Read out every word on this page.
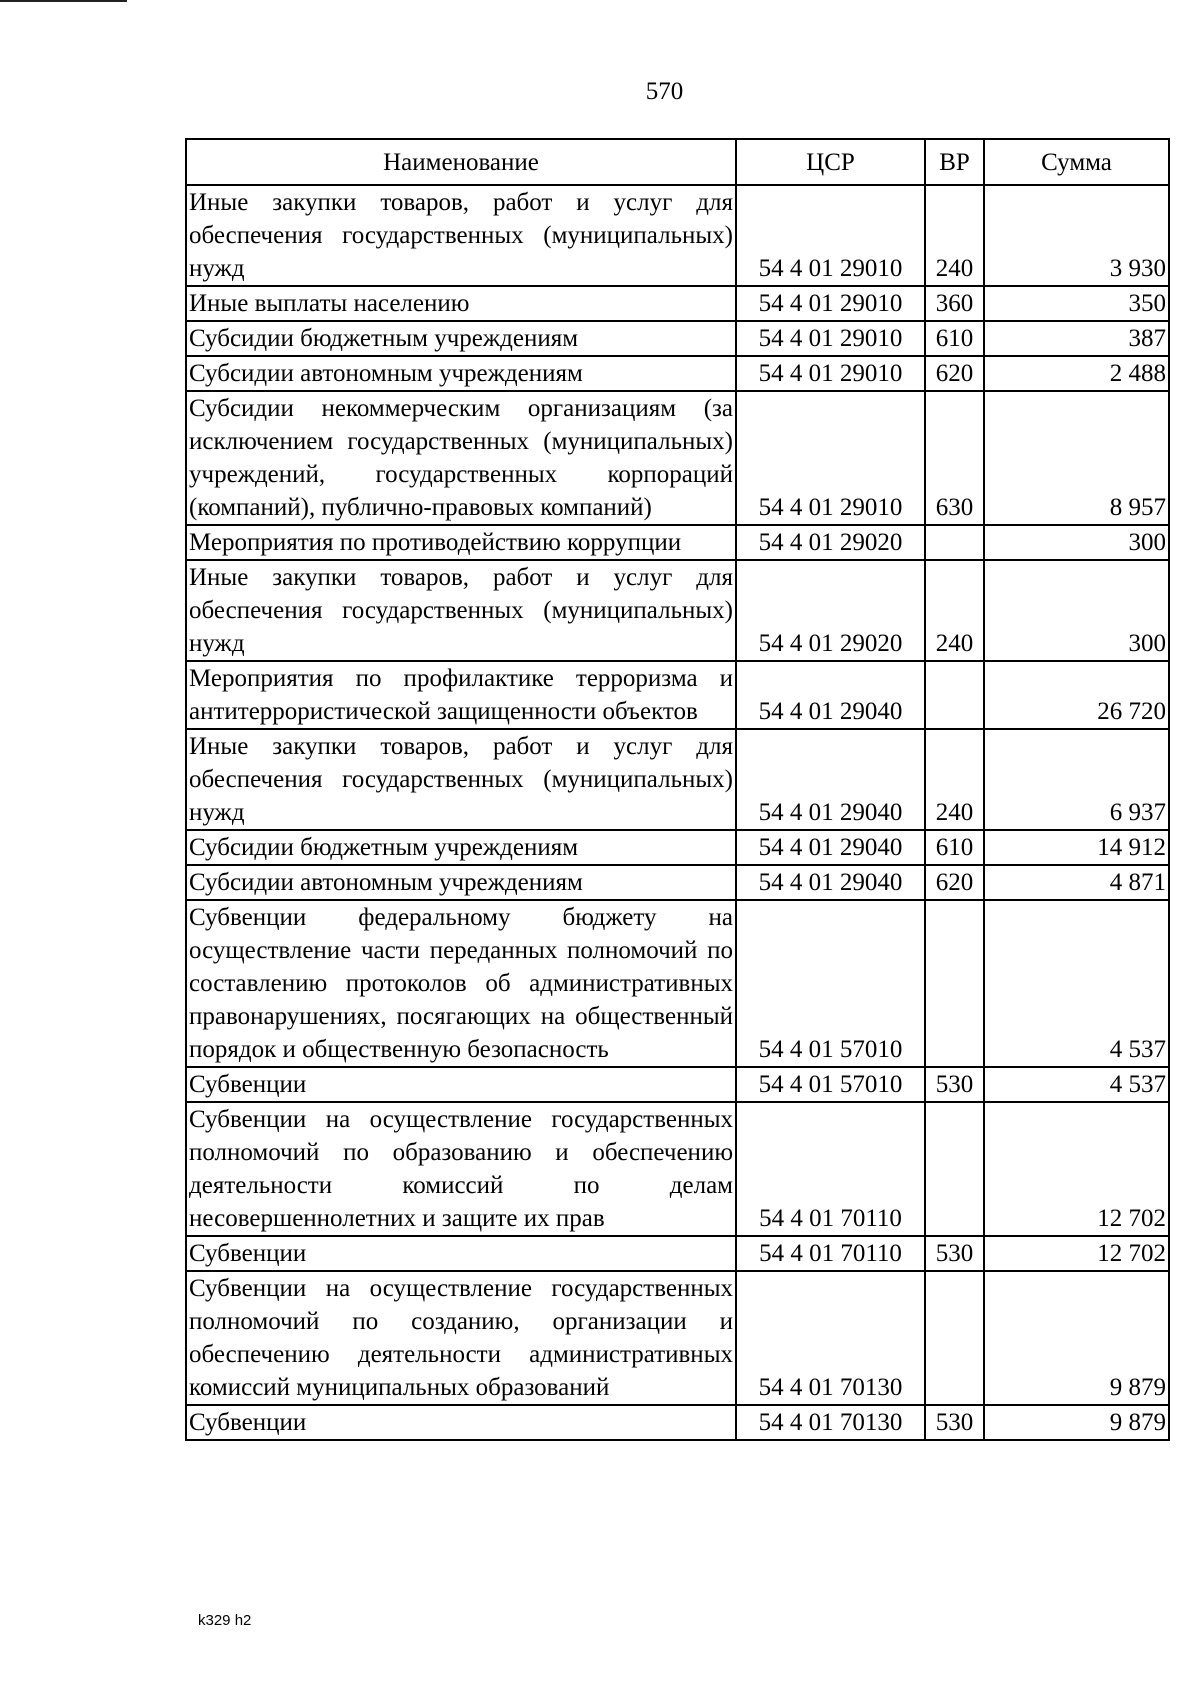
570
Наименование	ЦСР	ВР	Сумма
Иные закупки товаров, работ и услуг для обеспечения государственных (муниципальных) нужд	54 4 01 29010	240	3 930
Иные выплаты населению	54 4 01 29010	360	350
Субсидии бюджетным учреждениям	54 4 01 29010	610	387
Субсидии автономным учреждениям	54 4 01 29010	620	2 488
Субсидии некоммерческим организациям (за исключением государственных (муниципальных) учреждений, государственных корпораций (компаний), публично-правовых компаний)	54 4 01 29010	630	8 957
Мероприятия по противодействию коррупции	54 4 01 29020		300
Иные закупки товаров, работ и услуг для обеспечения государственных (муниципальных) нужд	54 4 01 29020	240	300
Мероприятия по профилактике терроризма и антитеррористической защищенности объектов	54 4 01 29040		26 720
Иные закупки товаров, работ и услуг для обеспечения государственных (муниципальных) нужд	54 4 01 29040	240	6 937
Субсидии бюджетным учреждениям	54 4 01 29040	610	14 912
Субсидии автономным учреждениям	54 4 01 29040	620	4 871
Субвенции федеральному бюджету на осуществление части переданных полномочий по составлению протоколов об административных правонарушениях, посягающих на общественный порядок и общественную безопасность	54 4 01 57010		4 537
Субвенции	54 4 01 57010	530	4 537
Субвенции на осуществление государственных полномочий по образованию и обеспечению деятельности комиссий по делам несовершеннолетних и защите их прав	54 4 01 70110		12 702
Субвенции	54 4 01 70110	530	12 702
Субвенции на осуществление государственных полномочий по созданию, организации и обеспечению деятельности административных комиссий муниципальных образований	54 4 01 70130		9 879
Субвенции	54 4 01 70130	530	9 879
k329 h2
